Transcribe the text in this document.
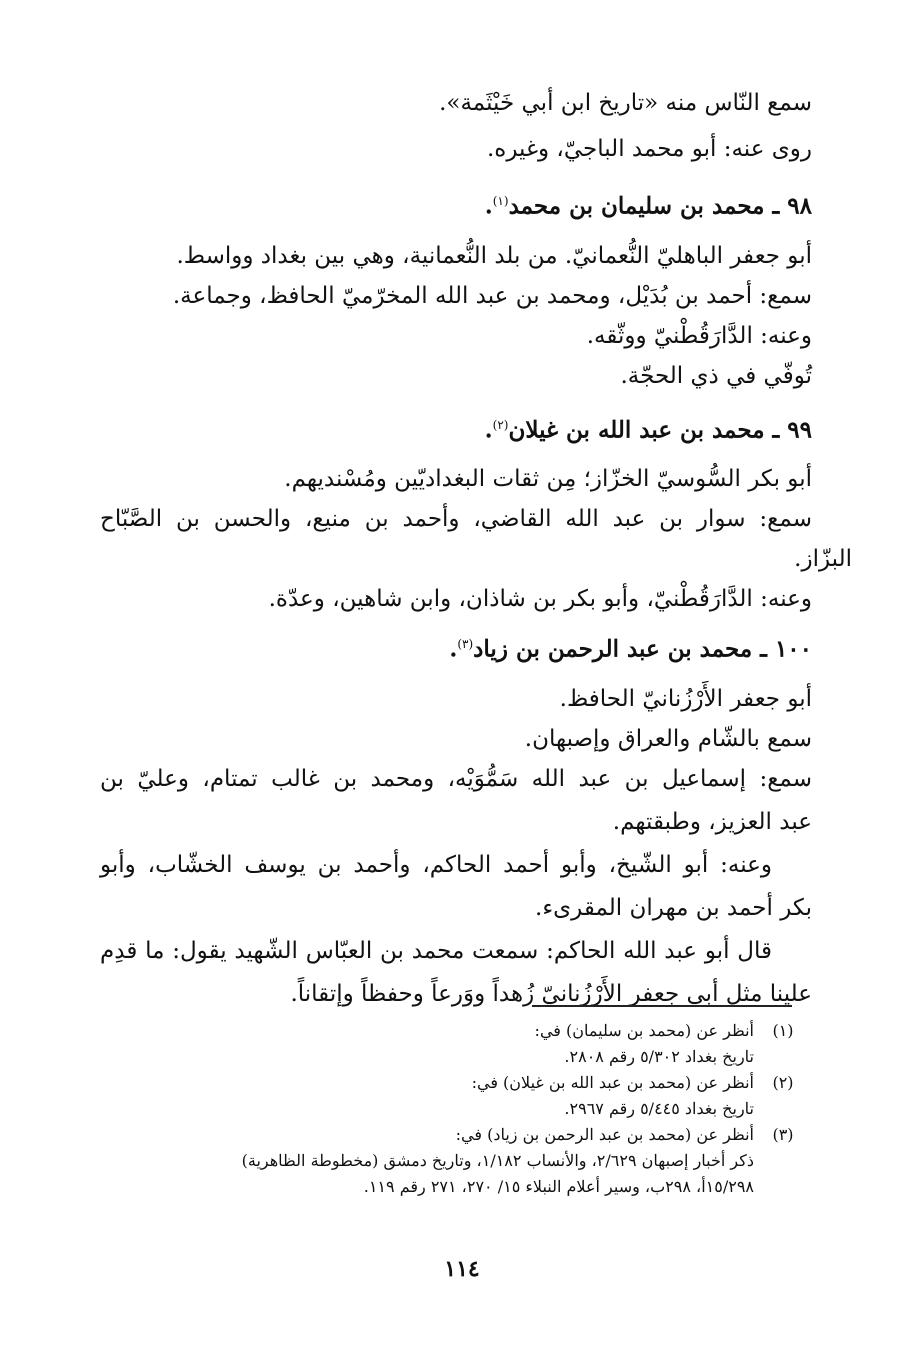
سمع النّاس منه «تاريخ ابن أبي خَيْثَمة».

روى عنه: أبو محمد الباجيّ، وغيره.

٩٨ ـ محمد بن سليمان بن محمد$^{(١)}$.

أبو جعفر الباهليّ النُّعمانيّ. من بلد النُّعمانية، وهي بين بغداد وواسط.

سمع: أحمد بن بُدَيْل، ومحمد بن عبد الله المخرّميّ الحافظ، وجماعة.

وعنه: الدَّارَقُطْنيّ ووثّقه.

تُوفّي في ذي الحجّة.

٩٩ ـ محمد بن عبد الله بن غيلان$^{(٢)}$.

أبو بكر السُّوسيّ الخزّاز؛ مِن ثقات البغداديّين ومُسْنديهم.

سمع: سوار بن عبد الله القاضي، وأحمد بن منيع، والحسن بن الصَّبّاح

البزّاز.

وعنه: الدَّارَقُطْنيّ، وأبو بكر بن شاذان، وابن شاهين، وعدّة.

١٠٠ ـ محمد بن عبد الرحمن بن زياد$^{(٣)}$.

أبو جعفر الأَرْزُنانيّ الحافظ.

سمع بالشّام والعراق وإصبهان.

سمع: إسماعيل بن عبد الله سَمُّوَيْه، ومحمد بن غالب تمتام، وعليّ بن

عبد العزيز، وطبقتهم.

وعنه: أبو الشّيخ، وأبو أحمد الحاكم، وأحمد بن يوسف الخشّاب، وأبو

بكر أحمد بن مهران المقرىء.

قال أبو عبد الله الحاكم: سمعت محمد بن العبّاس الشّهيد يقول: ما قدِم

علينا مثل أبي جعفر الأَرْزُنانيّ زُهداً ووَرعاً وحفظاً وإتقاناً.

(١)

أنظر عن (محمد بن سليمان) في:

تاريخ بغداد ٥/٣٠٢ رقم ٢٨٠٨.

(٢)

أنظر عن (محمد بن عبد الله بن غيلان) في:

تاريخ بغداد ٥/٤٤٥ رقم ٢٩٦٧.

(٣)

أنظر عن (محمد بن عبد الرحمن بن زياد) في:

ذكر أخبار إصبهان ٢/٦٢٩، والأنساب ١/١٨٢، وتاريخ دمشق (مخطوطة الظاهرية)

١٥/٢٩٨أ، ٢٩٨ب، وسير أعلام النبلاء ١٥/ ٢٧٠، ٢٧١ رقم ١١٩.

١١٤
